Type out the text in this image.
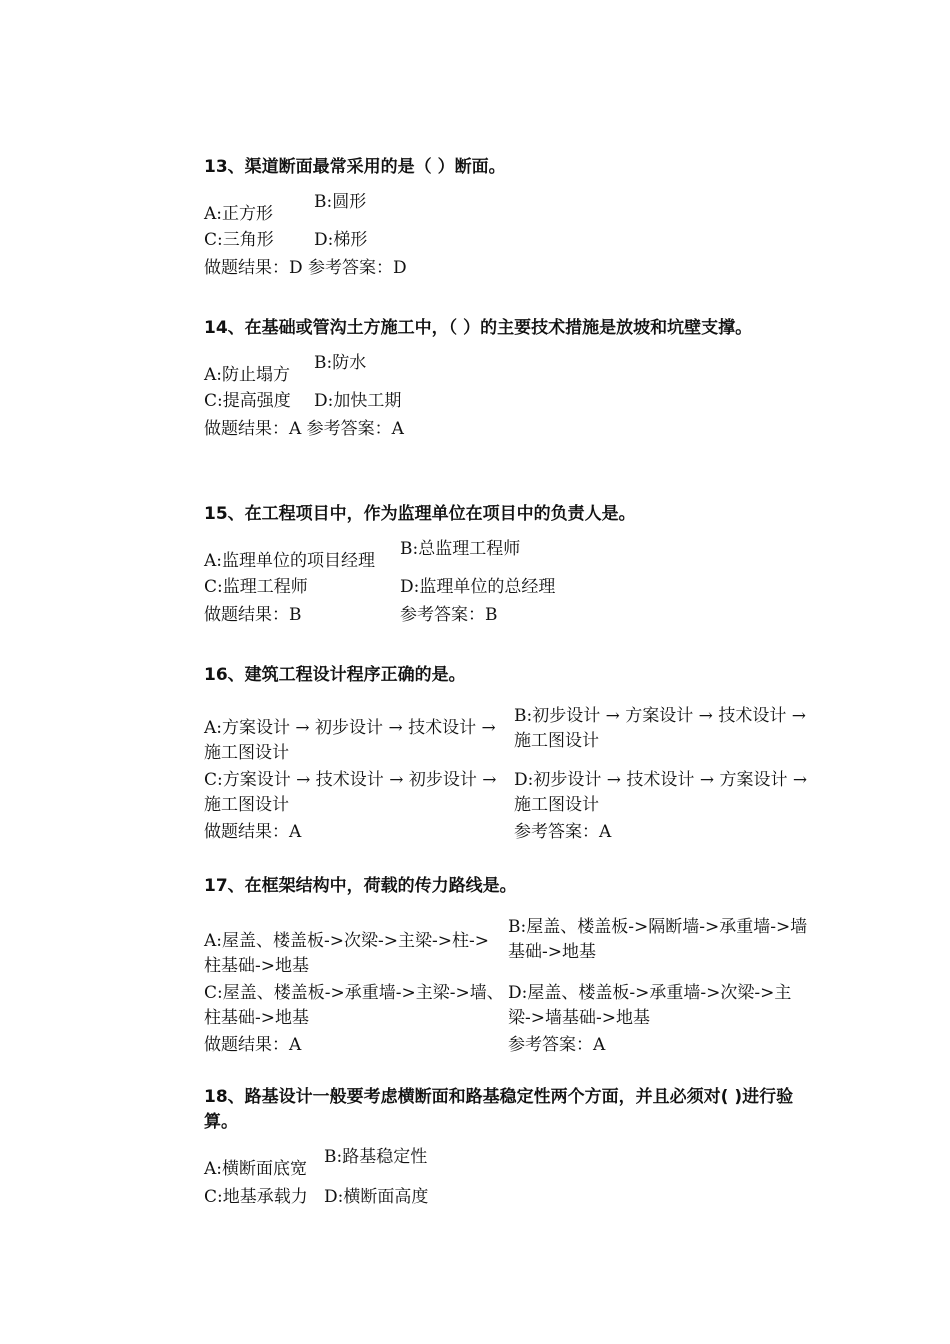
13、渠道断面最常采用的是（ ）断面。

A:正方形
B:圆形
C:三角形 D:梯形
做题结果：D 参考答案：D

14、在基础或管沟土方施工中，（ ）的主要技术措施是放坡和坑壁支撑。

A:防止塌方
B:防水
C:提高强度 D:加快工期
做题结果：A 参考答案：A

15、在工程项目中，作为监理单位在项目中的负责人是。

A:监理单位的项目经理
B:总监理工程师
C:监理工程师	D:监理单位的总经理
做题结果：B	参考答案：B

16、建筑工程设计程序正确的是。

A:方案设计 → 初步设计 → 技术设计 → 施工图设计
B:初步设计 → 方案设计 → 技术设计 → 施工图设计
C:方案设计 → 技术设计 → 初步设计 → 施工图设计
D:初步设计 → 技术设计 → 方案设计 → 施工图设计
做题结果：A	参考答案：A

17、在框架结构中，荷载的传力路线是。

A:屋盖、楼盖板->次梁->主梁->柱->柱基础->地基
B:屋盖、楼盖板->隔断墙->承重墙->墙基础->地基
C:屋盖、楼盖板->承重墙->主梁->墙、柱基础->地基
D:屋盖、楼盖板->承重墙->次梁->主梁->墙基础->地基
做题结果：A	参考答案：A

18、路基设计一般要考虑横断面和路基稳定性两个方面，并且必须对( )进行验算。

A:横断面底宽
B:路基稳定性
C:地基承载力 D:横断面高度
